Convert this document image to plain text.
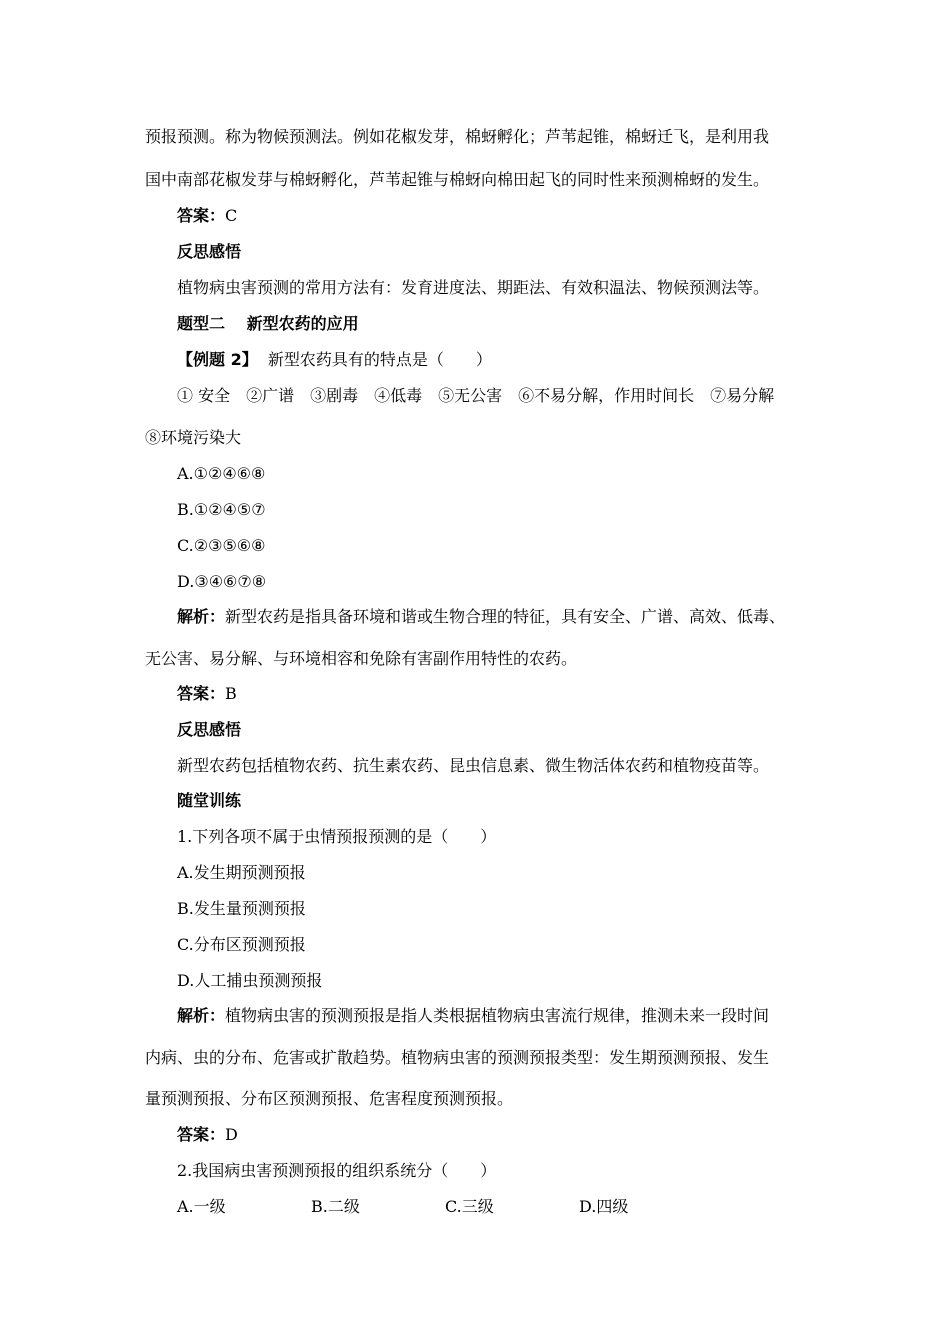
预报预测。称为物候预测法。例如花椒发芽，棉蚜孵化；芦苇起锥，棉蚜迁飞，是利用我
国中南部花椒发芽与棉蚜孵化，芦苇起锥与棉蚜向棉田起飞的同时性来预测棉蚜的发生。
答案：C
反思感悟
植物病虫害预测的常用方法有：发育进度法、期距法、有效积温法、物候预测法等。
题型二　 新型农药的应用
【例题 2】 新型农药具有的特点是（　　）
① 安全　②广谱　③剧毒　④低毒　⑤无公害　⑥不易分解，作用时间长　⑦易分解
⑧环境污染大
A.①②④⑥⑧
B.①②④⑤⑦
C.②③⑤⑥⑧
D.③④⑥⑦⑧
解析：新型农药是指具备环境和谐或生物合理的特征，具有安全、广谱、高效、低毒、
无公害、易分解、与环境相容和免除有害副作用特性的农药。
答案：B
反思感悟
新型农药包括植物农药、抗生素农药、昆虫信息素、微生物活体农药和植物疫苗等。
随堂训练
1.下列各项不属于虫情预报预测的是（　　）
A.发生期预测预报
B.发生量预测预报
C.分布区预测预报
D.人工捕虫预测预报
解析：植物病虫害的预测预报是指人类根据植物病虫害流行规律，推测未来一段时间
内病、虫的分布、危害或扩散趋势。植物病虫害的预测预报类型：发生期预测预报、发生
量预测预报、分布区预测预报、危害程度预测预报。
答案：D
2.我国病虫害预测预报的组织系统分（　　）
A.一级	B.二级	C.三级	D.四级
